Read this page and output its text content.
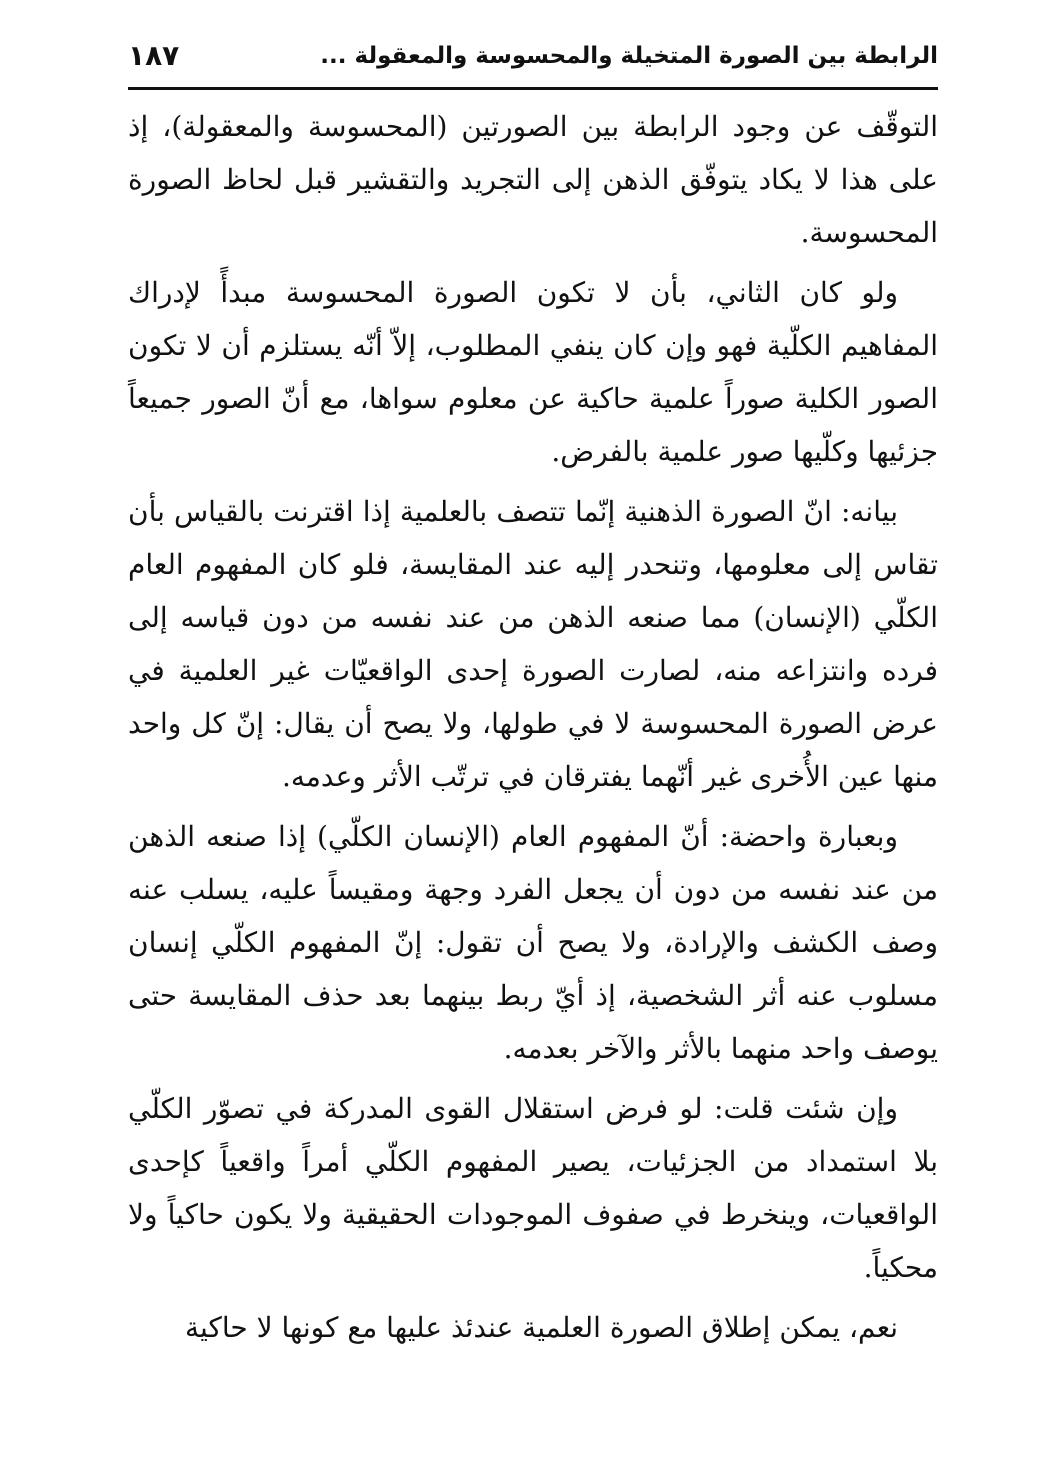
الرابطة بين الصورة المتخيلة والمحسوسة والمعقولة ...
١٨٧

التوقّف عن وجود الرابطة بين الصورتين (المحسوسة والمعقولة)، إذ على هذا لا يكاد يتوفّق الذهن إلى التجريد والتقشير قبل لحاظ الصورة المحسوسة.

ولو كان الثاني، بأن لا تكون الصورة المحسوسة مبدأً لإدراك المفاهيم الكلّية فهو وإن كان ينفي المطلوب، إلاّ أنّه يستلزم أن لا تكون الصور الكلية صوراً علمية حاكية عن معلوم سواها، مع أنّ الصور جميعاً جزئيها وكلّيها صور علمية بالفرض.

بيانه: انّ الصورة الذهنية إنّما تتصف بالعلمية إذا اقترنت بالقياس بأن تقاس إلى معلومها، وتنحدر إليه عند المقايسة، فلو كان المفهوم العام الكلّي (الإنسان) مما صنعه الذهن من عند نفسه من دون قياسه إلى فرده وانتزاعه منه، لصارت الصورة إحدى الواقعيّات غير العلمية في عرض الصورة المحسوسة لا في طولها، ولا يصح أن يقال: إنّ كل واحد منها عين الأُخرى غير أنّهما يفترقان في ترتّب الأثر وعدمه.

وبعبارة واحضة: أنّ المفهوم العام (الإنسان الكلّي) إذا صنعه الذهن من عند نفسه من دون أن يجعل الفرد وجهة ومقيساً عليه، يسلب عنه وصف الكشف والإرادة، ولا يصح أن تقول: إنّ المفهوم الكلّي إنسان مسلوب عنه أثر الشخصية، إذ أيّ ربط بينهما بعد حذف المقايسة حتى يوصف واحد منهما بالأثر والآخر بعدمه.

وإن شئت قلت: لو فرض استقلال القوى المدركة في تصوّر الكلّي بلا استمداد من الجزئيات، يصير المفهوم الكلّي أمراً واقعياً كإحدى الواقعيات، وينخرط في صفوف الموجودات الحقيقية ولا يكون حاكياً ولا محكياً.

نعم، يمكن إطلاق الصورة العلمية عندئذ عليها مع كونها لا حاكية
